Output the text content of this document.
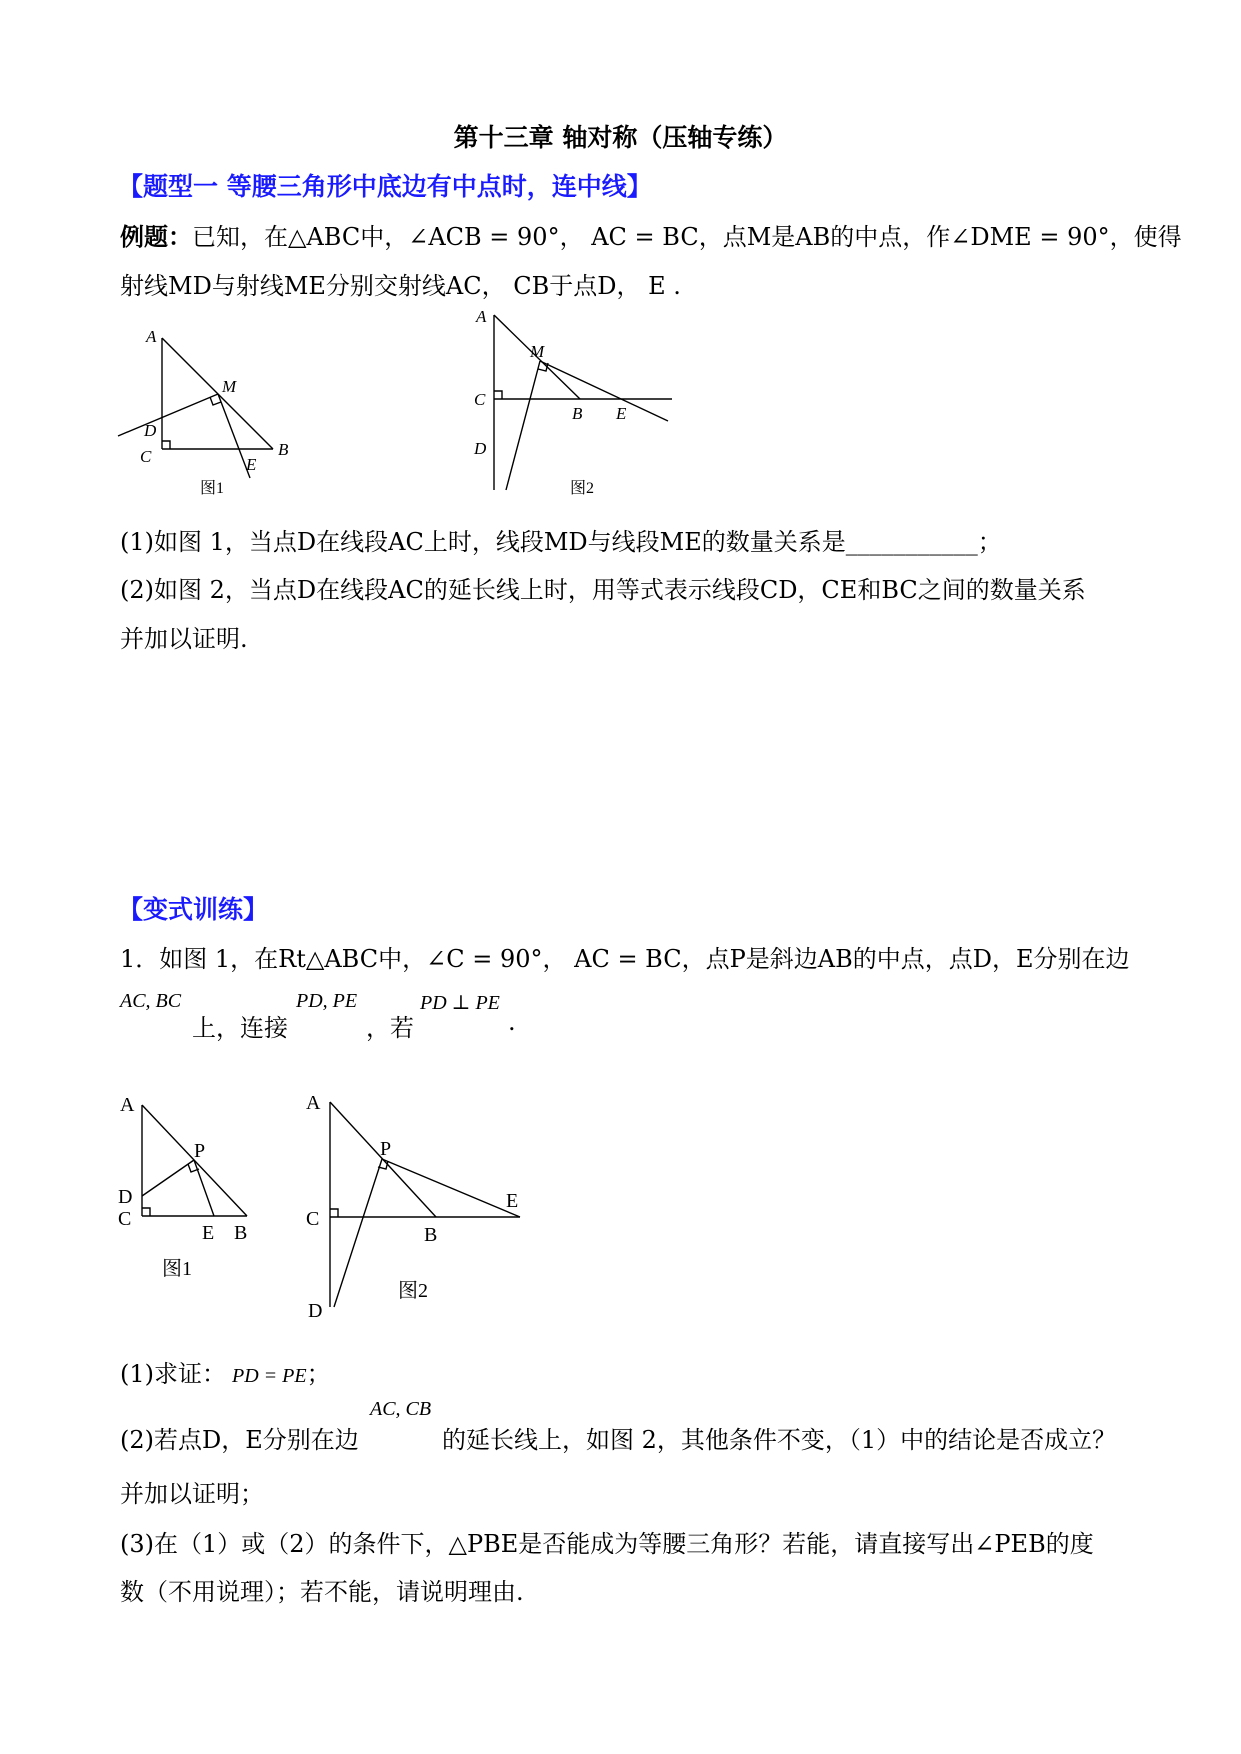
第十三章 轴对称（压轴专练）
【题型一 等腰三角形中底边有中点时，连中线】
例题：已知，在△ABC中，∠ACB = 90°， AC = BC，点M是AB的中点，作∠DME = 90°，使得
射线MD与射线ME分别交射线AC， CB于点D， E .
A
M
D
C	E
B
图1
A
M
C
B E
D
图2
(1)如图 1，当点D在线段AC上时，线段MD与线段ME的数量关系是___________；
(2)如图 2，当点D在线段AC的延长线上时，用等式表示线段CD，CE和BC之间的数量关系
并加以证明.
【变式训练】
1．如图 1，在Rt△ABC中，∠C = 90°， AC = BC，点P是斜边AB的中点，点D，E分别在边
AC, BC
上，连接
PD, PE
，若
PD ⊥ PE
.
A
P
D
C
E B
图1
A
P
C
B
E
D
图2
(1)求证： PD = PE；
(2)若点D，E分别在边
AC, CB
的延长线上，如图 2，其他条件不变，（1）中的结论是否成立？
并加以证明；
(3)在（1）或（2）的条件下，△PBE是否能成为等腰三角形？若能，请直接写出∠PEB的度
数（不用说理）；若不能，请说明理由.
